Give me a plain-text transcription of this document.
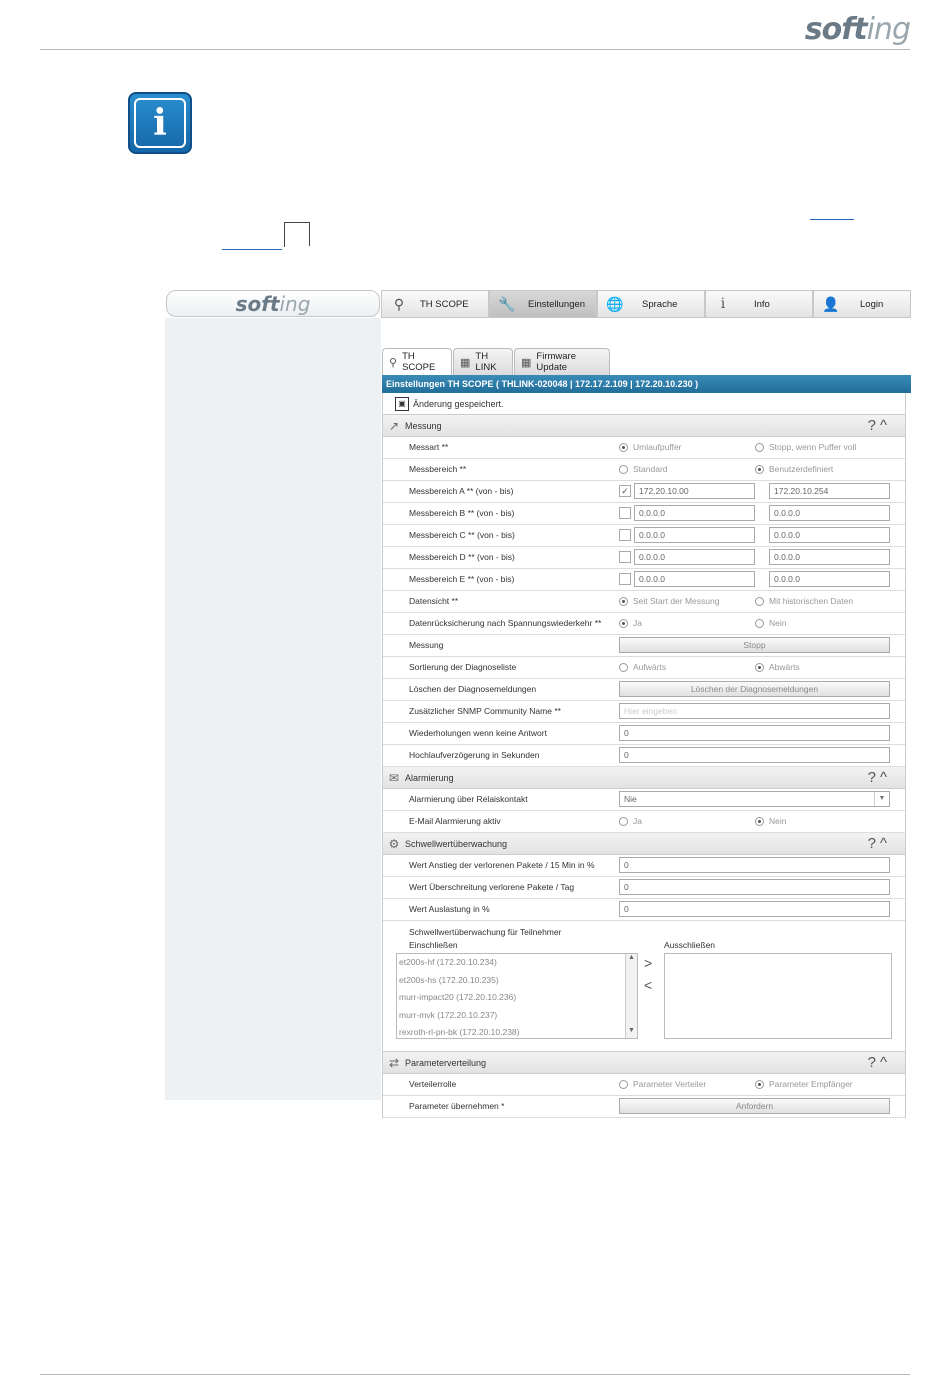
softing
i
soft ing	⚲	TH SCOPE 🔧 Einstellungen 🌐 Sprache	i	Info	👤 Login
⚲ TH SCOPE	▦ TH LINK	▦ Firmware Update
Einstellungen TH SCOPE ( THLINK-020048 | 172.17.2.109 | 172.20.10.230 )
▣ Änderung gespeichert.
↗ Messung	?^
Messart **	Umlaufpuffer	Stopp, wenn Puffer voll
Messbereich **	Standard	Benutzerdefiniert
Messbereich A ** (von - bis)	✓	172.20.10.00	172.20.10.254
Messbereich B ** (von - bis)	0.0.0.0	0.0.0.0
Messbereich C ** (von - bis)	0.0.0.0	0.0.0.0
Messbereich D ** (von - bis)	0.0.0.0	0.0.0.0
Messbereich E ** (von - bis)	0.0.0.0	0.0.0.0
Datensicht **	Seit Start der Messung	Mit historischen Daten
Datenrücksicherung nach Spannungswiederkehr **	Ja	Nein
Messung	Stopp
Sortierung der Diagnoseliste	Aufwärts	Abwärts
Löschen der Diagnosemeldungen	Löschen der Diagnosemeldungen
Zusätzlicher SNMP Community Name **	Hier eingeben
Wiederholungen wenn keine Antwort	0
Hochlaufverzögerung in Sekunden	0
✉ Alarmierung	?^
Alarmierung über Relaiskontakt	Nie	▼
E-Mail Alarmierung aktiv	Ja	Nein
⚙ Schwellwertüberwachung	?^
Wert Anstieg der verlorenen Pakete / 15 Min in %	0
Wert Überschreitung verlorene Pakete / Tag	0
Wert Auslastung in %	0
Schwellwertüberwachung für Teilnehmer
Einschließen	Ausschließen
et200s-hf (172.20.10.234)
et200s-hs (172.20.10.235)
murr-impact20 (172.20.10.236)
murr-mvk (172.20.10.237)
rexroth-rl-pn-bk (172.20.10.238)
▲
▼
>
<
⇄ Parameterverteilung	?^
Verteilerrolle	Parameter Verteiler	Parameter Empfänger
Parameter übernehmen *	Anfordern
